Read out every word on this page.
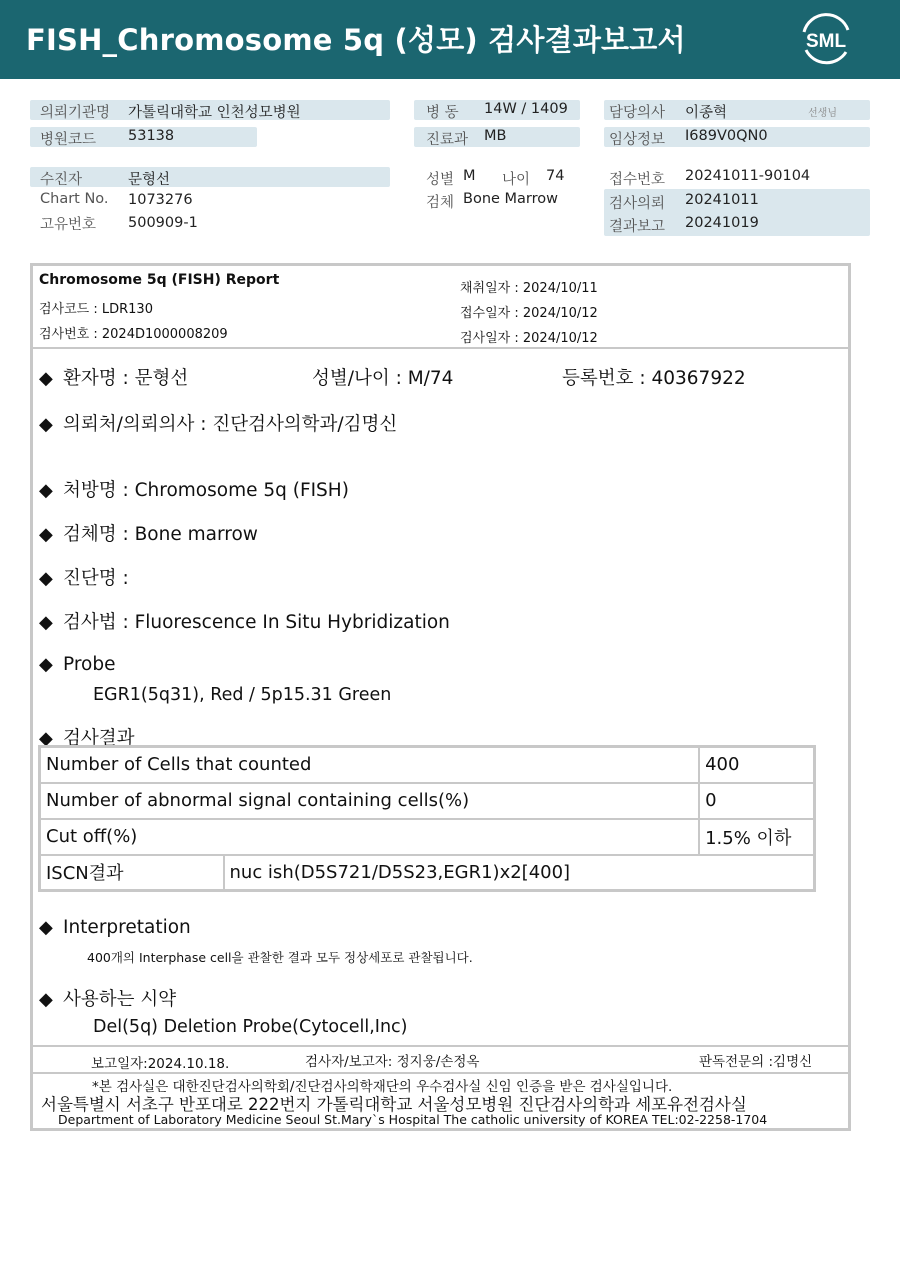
FISH_Chromosome 5q (성모) 검사결과보고서	SML
의뢰기관명 가톨릭대학교 인천성모병원	병 동 14W / 1409	담당의사 이종혁	선생님
병원코드 53138	진료과 MB	임상정보 I689V0QN0
수진자	문형선	성별 M 나이 74	접수번호 20241011-90104
Chart No. 1073276	검체 Bone Marrow	검사의뢰 20241011
고유번호 500909-1	결과보고 20241019
Chromosome 5q (FISH) Report
검사코드 : LDR130
검사번호 : 2024D1000008209
채취일자 : 2024/10/11
접수일자 : 2024/10/12
검사일자 : 2024/10/12
◆ 환자명 : 문형선	성별/나이 : M/74	등록번호 : 40367922
◆ 의뢰처/의뢰의사 : 진단검사의학과/김명신
◆ 처방명 : Chromosome 5q (FISH)
◆ 검체명 : Bone marrow
◆ 진단명 :
◆ 검사법 : Fluorescence In Situ Hybridization
◆ Probe
EGR1(5q31), Red / 5p15.31 Green
◆ 검사결과
Number of Cells that counted		400
Number of abnormal signal containing cells(%)		0
Cut off(%)		1.5% 이하
ISCN결과	nuc ish(D5S721/D5S23,EGR1)x2[400]	
◆ Interpretation
400개의 Interphase cell을 관찰한 결과 모두 정상세포로 관찰됩니다.
◆ 사용하는 시약
Del(5q) Deletion Probe(Cytocell,Inc)
보고일자:2024.10.18.	검사자/보고자: 정지웅/손정옥	판독전문의 :김명신
*본 검사실은 대한진단검사의학회/진단검사의학재단의 우수검사실 신임 인증을 받은 검사실입니다.
서울특별시 서초구 반포대로 222번지 가톨릭대학교 서울성모병원 진단검사의학과 세포유전검사실
Department of Laboratory Medicine Seoul St.Mary`s Hospital The catholic university of KOREA TEL:02-2258-1704
